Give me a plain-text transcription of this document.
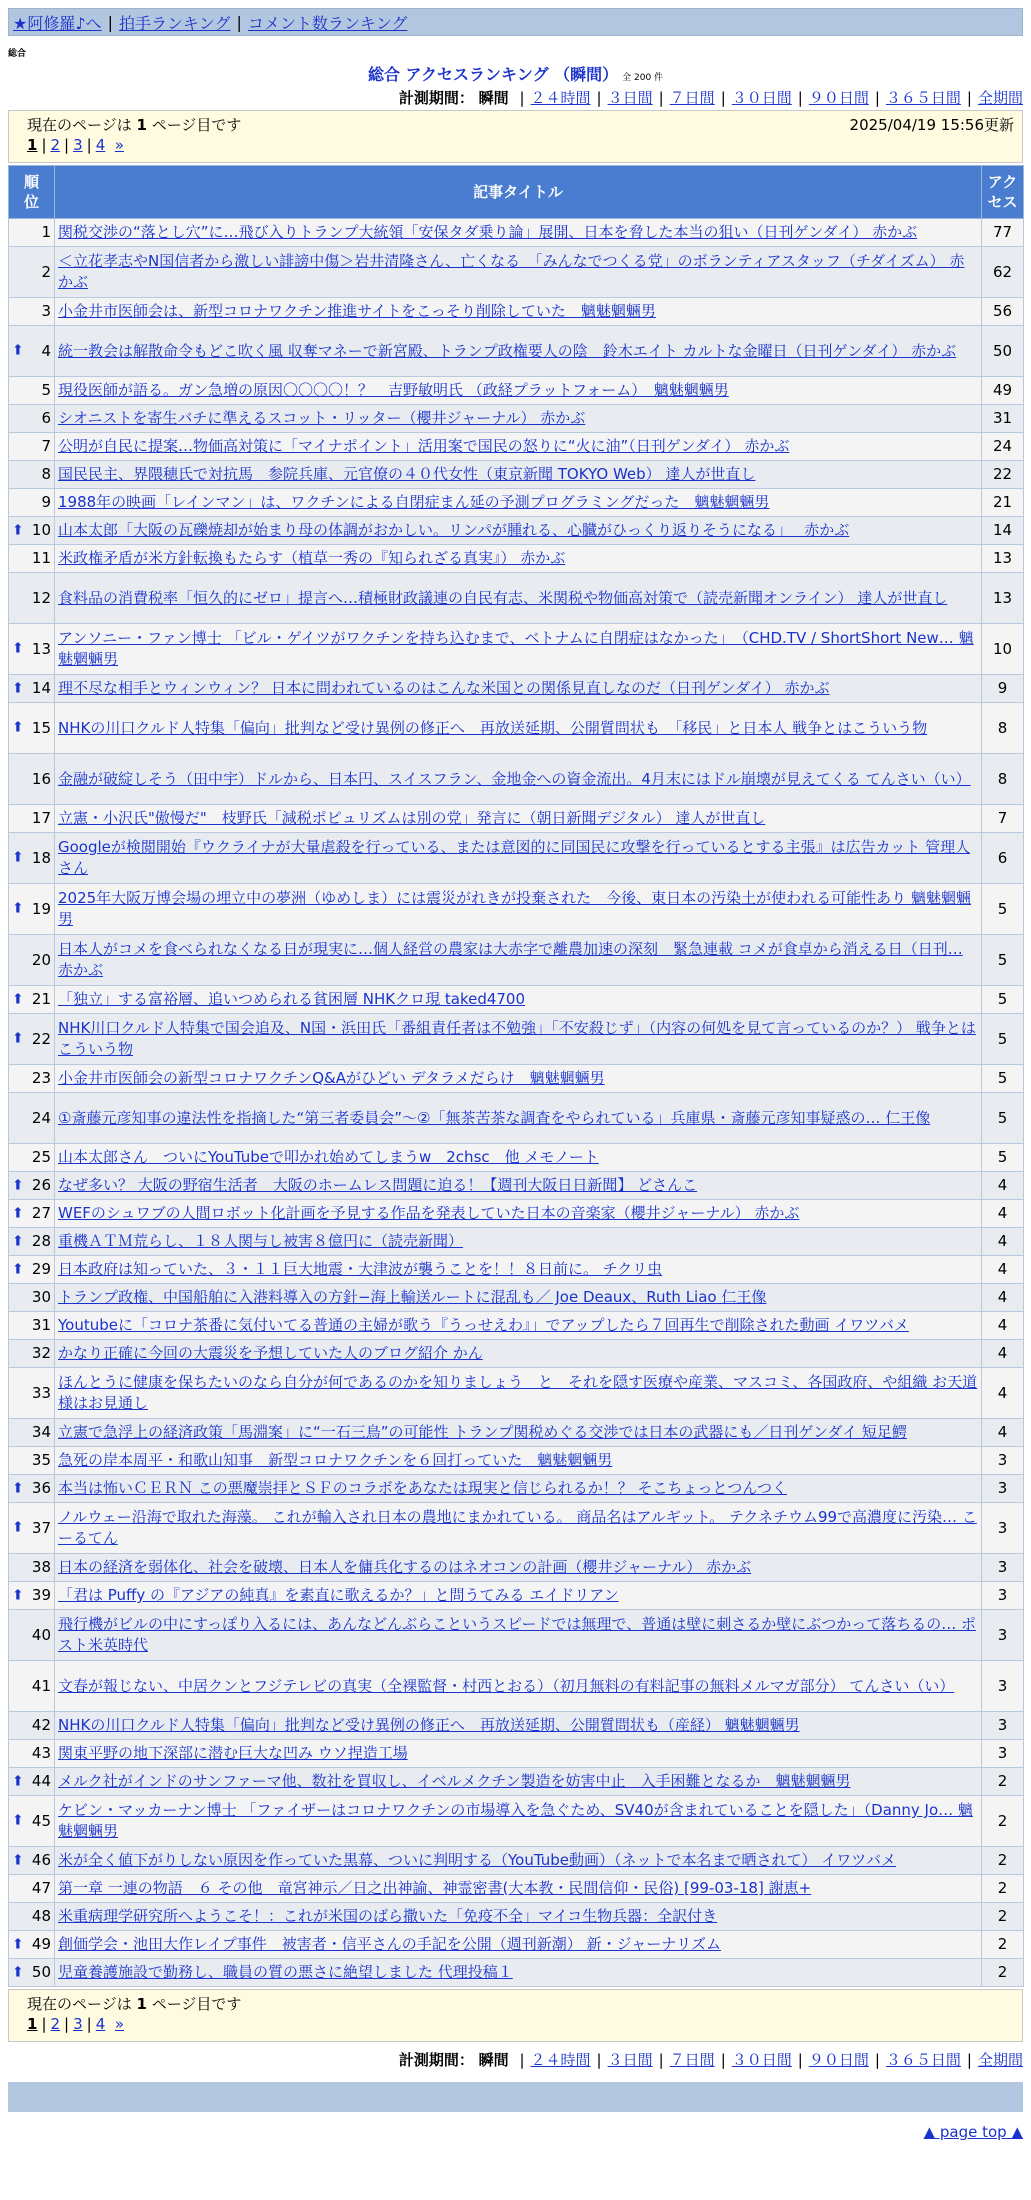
★阿修羅♪へ | 拍手ランキング | コメント数ランキング
総合
総合 アクセスランキング （瞬間） 全 200 件
計測期間： 瞬間 | ２４時間 | ３日間 | ７日間 | ３０日間 | ９０日間 | ３６５日間 | 全期間
現在のページは 1 ページ目です	2025/04/19 15:56更新
1 | 2 | 3 | 4 »
順位	記事タイトル	アクセス
1	関税交渉の“落とし穴”に…飛び入りトランプ大統領「安保タダ乗り論」展開、日本を脅した本当の狙い（日刊ゲンダイ） 赤かぶ	77
2	＜立花孝志やN国信者から激しい誹謗中傷＞岩井清隆さん、亡くなる　「みんなでつくる党」のボランティアスタッフ（チダイズム） 赤かぶ	62
3	小金井市医師会は、新型コロナワクチン推進サイトをこっそり削除していた　魑魅魍魎男	56

⬆ 4	統一教会は解散命令もどこ吹く風 収奪マネーで新宮殿、トランプ政権要人の陰　鈴木エイト カルトな金曜日（日刊ゲンダイ） 赤かぶ	50
5	現役医師が語る。ガン急増の原因〇〇〇〇！？　吉野敏明氏 （政経プラットフォーム）　魑魅魍魎男	49
6	シオニストを寄生バチに準えるスコット・リッター（櫻井ジャーナル） 赤かぶ	31
7	公明が自民に提案…物価高対策に「マイナポイント」活用案で国民の怒りに“火に油”（日刊ゲンダイ） 赤かぶ	24
8	国民民主、界隈穂氏で対抗馬　参院兵庫、元官僚の４０代女性（東京新聞 TOKYO Web） 達人が世直し	22
9	1988年の映画「レインマン」は、ワクチンによる自閉症まん延の予測プログラミングだった　魑魅魍魎男	21

⬆ 10	山本太郎「大阪の瓦礫焼却が始まり母の体調がおかしい。リンパが腫れる、心臓がひっくり返りそうになる」　 赤かぶ	14
11	米政権矛盾が米方針転換もたらす（植草一秀の『知られざる真実』） 赤かぶ	13
12	食料品の消費税率「恒久的にゼロ」提言へ…積極財政議連の自民有志、米関税や物価高対策で（読売新聞オンライン） 達人が世直し	13

⬆ 13	アンソニー・ファン博士 「ビル・ゲイツがワクチンを持ち込むまで、ベトナムに自閉症はなかった」　（CHD.TV / ShortShort New… 魑魅魍魎男	10

⬆ 14	理不尽な相手とウィンウィン？ 日本に問われているのはこんな米国との関係見直しなのだ（日刊ゲンダイ） 赤かぶ	9

⬆ 15	NHKの川口クルド人特集「偏向」批判など受け異例の修正へ　再放送延期、公開質問状も　「移民」と日本人 戦争とはこういう物	8
16	金融が破綻しそう（田中宇）ドルから、日本円、スイスフラン、金地金への資金流出。4月末にはドル崩壊が見えてくる てんさい（い）	8
17	立憲・小沢氏"傲慢だ"　枝野氏「減税ポピュリズムは別の党」発言に（朝日新聞デジタル） 達人が世直し	7

⬆ 18	Googleが検閲開始『ウクライナが大量虐殺を行っている、または意図的に同国民に攻撃を行っているとする主張』は広告カット 管理人さん	6

⬆ 19	2025年大阪万博会場の埋立中の夢洲（ゆめしま）には震災がれきが投棄された　今後、東日本の汚染土が使われる可能性あり 魑魅魍魎男	5
20	日本人がコメを食べられなくなる日が現実に…個人経営の農家は大赤字で離農加速の深刻　緊急連載 コメが食卓から消える日（日刊… 赤かぶ	5

⬆ 21	「独立」する富裕層、追いつめられる貧困層 NHKクロ現 taked4700	5

⬆ 22	NHK川口クルド人特集で国会追及、N国・浜田氏「番組責任者は不勉強」「不安殺じず」（内容の何処を見て言っているのか？） 戦争とはこういう物	5
23	小金井市医師会の新型コロナワクチンQ&Aがひどい デタラメだらけ　魑魅魍魎男	5
24	①斎藤元彦知事の違法性を指摘した“第三者委員会”〜②「無茶苦茶な調査をやられている」兵庫県・斎藤元彦知事疑惑の… 仁王像	5
25	山本太郎さん　ついにYouTubeで叩かれ始めてしまうw　2chsc　他 メモノート	5

⬆ 26	なぜ多い？ 大阪の野宿生活者　大阪のホームレス問題に迫る！【週刊大阪日日新聞】 どさんこ	4

⬆ 27	WEFのシュワブの人間ロボット化計画を予見する作品を発表していた日本の音楽家（櫻井ジャーナル） 赤かぶ	4

⬆ 28	重機ＡＴＭ荒らし、１８人関与し被害８億円に（読売新聞）	4

⬆ 29	日本政府は知っていた、３・１１巨大地震・大津波が襲うことを！！８日前に。 チクリ虫	4
30	トランプ政権、中国船舶に入港料導入の方針−海上輸送ルートに混乱も／ Joe Deaux、Ruth Liao 仁王像	4
31	Youtubeに「コロナ茶番に気付いてる普通の主婦が歌う『うっせえわ』」でアップしたら７回再生で削除された動画 イワツバメ	4
32	かなり正確に今回の大震災を予想していた人のブログ紹介 かん	4
33	ほんとうに健康を保ちたいのなら自分が何であるのかを知りましょう　と　それを隠す医療や産業、マスコミ、各国政府、や組織 お天道様はお見通し	4
34	立憲で急浮上の経済政策「馬淵案」に“一石三鳥”の可能性 トランプ関税めぐる交渉では日本の武器にも／日刊ゲンダイ 短足鰐	4
35	急死の岸本周平・和歌山知事　新型コロナワクチンを６回打っていた　魑魅魍魎男	3

⬆ 36	本当は怖いＣＥＲＮ この悪魔崇拝とＳＦのコラボをあなたは現実と信じられるか！？ そこちょっとつんつく	3

⬆ 37	ノルウェー沿海で取れた海藻。 これが輸入され日本の農地にまかれている。 商品名はアルギット。 テクネチウム99で高濃度に汚染… こーるてん	3
38	日本の経済を弱体化、社会を破壊、日本人を傭兵化するのはネオコンの計画（櫻井ジャーナル） 赤かぶ	3

⬆ 39	「君は Puffy の『アジアの純真』を素直に歌えるか？」と問うてみる エイドリアン	3
40	飛行機がビルの中にすっぽり入るには、あんなどんぶらこというスピードでは無理で、普通は壁に刺さるか壁にぶつかって落ちるの… ポスト米英時代	3
41	文春が報じない、中居クンとフジテレビの真実（全裸監督・村西とおる）（初月無料の有料記事の無料メルマガ部分） てんさい（い）	3
42	NHKの川口クルド人特集「偏向」批判など受け異例の修正へ　再放送延期、公開質問状も（産経） 魑魅魍魎男	3
43	関東平野の地下深部に潜む巨大な凹み ウソ捏造工場	3

⬆ 44	メルク社がインドのサンファーマ他、数社を買収し、イベルメクチン製造を妨害中止　入手困難となるか　魑魅魍魎男	2

⬆ 45	ケビン・マッカーナン博士 「ファイザーはコロナワクチンの市場導入を急ぐため、SV40が含まれていることを隠した」（Danny Jo… 魑魅魍魎男	2

⬆ 46	米が全く値下がりしない原因を作っていた黒幕、ついに判明する（YouTube動画）（ネットで本名まで晒されて） イワツバメ	2
47	第一章 一連の物語　６ その他　竜宮神示／日之出神諭、神霊密書(大本教・民間信仰・民俗) [99-03-18] 謝恵+	2
48	米重病理学研究所へようこそ！：これが米国のばら撒いた「免疫不全」マイコ生物兵器：全訳付き	2

⬆ 49	創価学会・池田大作レイプ事件　被害者・信平さんの手記を公開（週刊新潮） 新・ジャーナリズム	2

⬆ 50	児童養護施設で勤務し、職員の質の悪さに絶望しました 代理投稿１	2
現在のページは 1 ページ目です
1 | 2 | 3 | 4 »
計測期間： 瞬間 | ２４時間 | ３日間 | ７日間 | ３０日間 | ９０日間 | ３６５日間 | 全期間
▲ page top ▲
